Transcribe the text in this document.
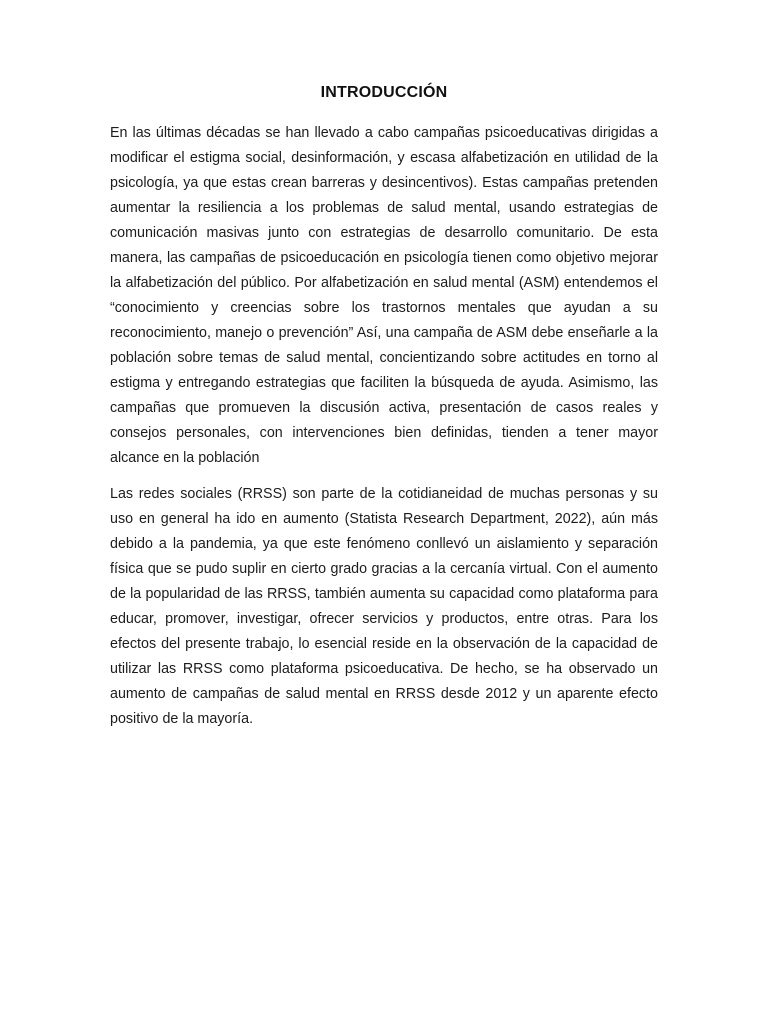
INTRODUCCIÓN

En las últimas décadas se han llevado a cabo campañas psicoeducativas dirigidas a modificar el estigma social, desinformación, y escasa alfabetización en utilidad de la psicología, ya que estas crean barreras y desincentivos). Estas campañas pretenden aumentar la resiliencia a los problemas de salud mental, usando estrategias de comunicación masivas junto con estrategias de desarrollo comunitario. De esta manera, las campañas de psicoeducación en psicología tienen como objetivo mejorar la alfabetización del público. Por alfabetización en salud mental (ASM) entendemos el “conocimiento y creencias sobre los trastornos mentales que ayudan a su reconocimiento, manejo o prevención” Así, una campaña de ASM debe enseñarle a la población sobre temas de salud mental, concientizando sobre actitudes en torno al estigma y entregando estrategias que faciliten la búsqueda de ayuda. Asimismo, las campañas que promueven la discusión activa, presentación de casos reales y consejos personales, con intervenciones bien definidas, tienden a tener mayor alcance en la población

Las redes sociales (RRSS) son parte de la cotidianeidad de muchas personas y su uso en general ha ido en aumento (Statista Research Department, 2022), aún más debido a la pandemia, ya que este fenómeno conllevó un aislamiento y separación física que se pudo suplir en cierto grado gracias a la cercanía virtual. Con el aumento de la popularidad de las RRSS, también aumenta su capacidad como plataforma para educar, promover, investigar, ofrecer servicios y productos, entre otras. Para los efectos del presente trabajo, lo esencial reside en la observación de la capacidad de utilizar las RRSS como plataforma psicoeducativa. De hecho, se ha observado un aumento de campañas de salud mental en RRSS desde 2012 y un aparente efecto positivo de la mayoría.
